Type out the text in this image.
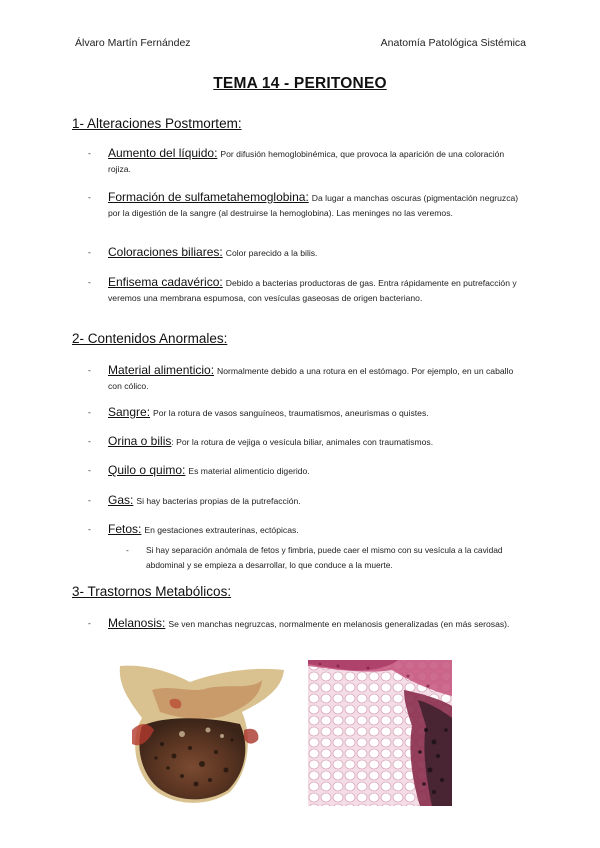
Álvaro Martín Fernández	Anatomía Patológica Sistémica
TEMA 14 - PERITONEO
1- Alteraciones Postmortem:
- Aumento del líquido: Por difusión hemoglobinémica, que provoca la aparición de una coloración rojiza.
- Formación de sulfametahemoglobina: Da lugar a manchas oscuras (pigmentación negruzca) por la digestión de la sangre (al destruirse la hemoglobina). Las meninges no las veremos.
- Coloraciones biliares: Color parecido a la bilis.
- Enfisema cadavérico: Debido a bacterias productoras de gas. Entra rápidamente en putrefacción y veremos una membrana espumosa, con vesículas gaseosas de origen bacteriano.
2- Contenidos Anormales:
- Material alimenticio: Normalmente debido a una rotura en el estómago. Por ejemplo, en un caballo con cólico.
- Sangre: Por la rotura de vasos sanguíneos, traumatismos, aneurismas o quistes.
- Orina o bilis: Por la rotura de vejiga o vesícula biliar, animales con traumatismos.
- Quilo o quimo: Es material alimenticio digerido.
- Gas: Si hay bacterias propias de la putrefacción.
- Fetos: En gestaciones extrauterinas, ectópicas.
- Si hay separación anómala de fetos y fimbria, puede caer el mismo con su vesícula a la cavidad abdominal y se empieza a desarrollar, lo que conduce a la muerte.
3- Trastornos Metabólicos:
- Melanosis: Se ven manchas negruzcas, normalmente en melanosis generalizadas (en más serosas).
